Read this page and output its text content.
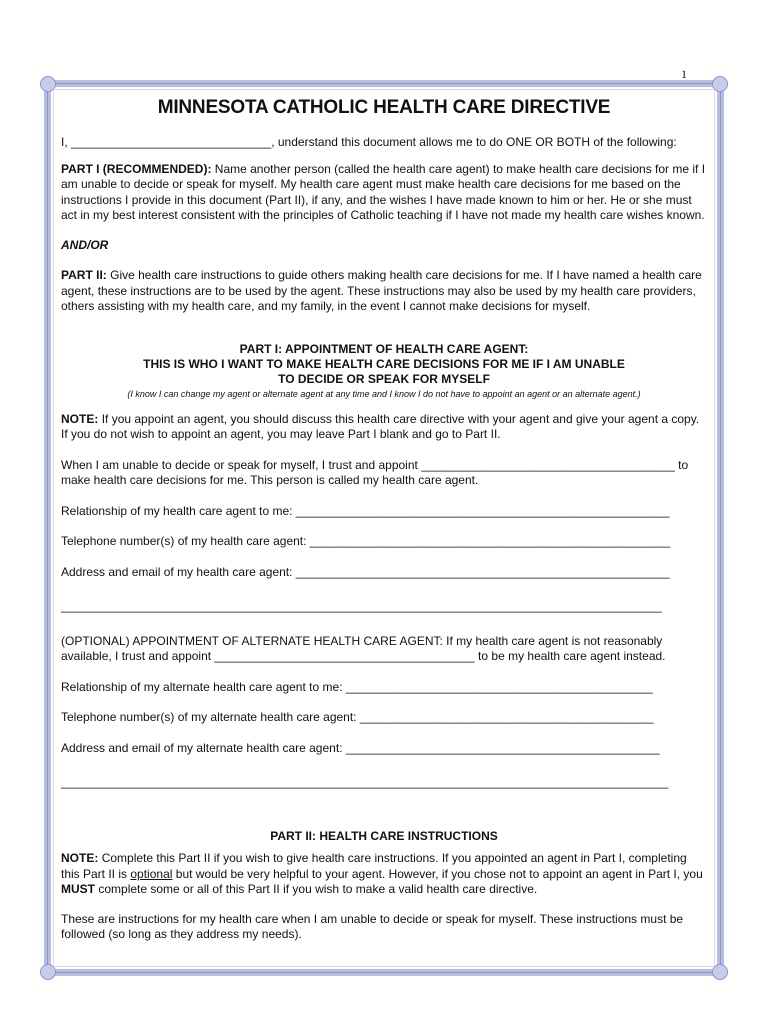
1
MINNESOTA CATHOLIC HEALTH CARE DIRECTIVE

I, ______________________________, understand this document allows me to do ONE OR BOTH of the following:

PART I (RECOMMENDED): Name another person (called the health care agent) to make health care decisions for me if I am unable to decide or speak for myself. My health care agent must make health care decisions for me based on the instructions I provide in this document (Part II), if any, and the wishes I have made known to him or her. He or she must act in my best interest consistent with the principles of Catholic teaching if I have not made my health care wishes known.

AND/OR

PART II: Give health care instructions to guide others making health care decisions for me. If I have named a health care agent, these instructions are to be used by the agent. These instructions may also be used by my health care providers, others assisting with my health care, and my family, in the event I cannot make decisions for myself.

PART I: APPOINTMENT OF HEALTH CARE AGENT:
THIS IS WHO I WANT TO MAKE HEALTH CARE DECISIONS FOR ME IF I AM UNABLE
TO DECIDE OR SPEAK FOR MYSELF

(I know I can change my agent or alternate agent at any time and I know I do not have to appoint an agent or an alternate agent.)

NOTE: If you appoint an agent, you should discuss this health care directive with your agent and give your agent a copy. If you do not wish to appoint an agent, you may leave Part I blank and go to Part II.

When I am unable to decide or speak for myself, I trust and appoint ______________________________________ to make health care decisions for me. This person is called my health care agent.

Relationship of my health care agent to me: ________________________________________________________

Telephone number(s) of my health care agent: ______________________________________________________

Address and email of my health care agent: ________________________________________________________

__________________________________________________________________________________________

(OPTIONAL) APPOINTMENT OF ALTERNATE HEALTH CARE AGENT: If my health care agent is not reasonably available, I trust and appoint _______________________________________ to be my health care agent instead.

Relationship of my alternate health care agent to me: ______________________________________________

Telephone number(s) of my alternate health care agent: ____________________________________________

Address and email of my alternate health care agent: _______________________________________________

___________________________________________________________________________________________

PART II: HEALTH CARE INSTRUCTIONS

NOTE: Complete this Part II if you wish to give health care instructions. If you appointed an agent in Part I, completing this Part II is optional but would be very helpful to your agent. However, if you chose not to appoint an agent in Part I, you MUST complete some or all of this Part II if you wish to make a valid health care directive.

These are instructions for my health care when I am unable to decide or speak for myself. These instructions must be followed (so long as they address my needs).
